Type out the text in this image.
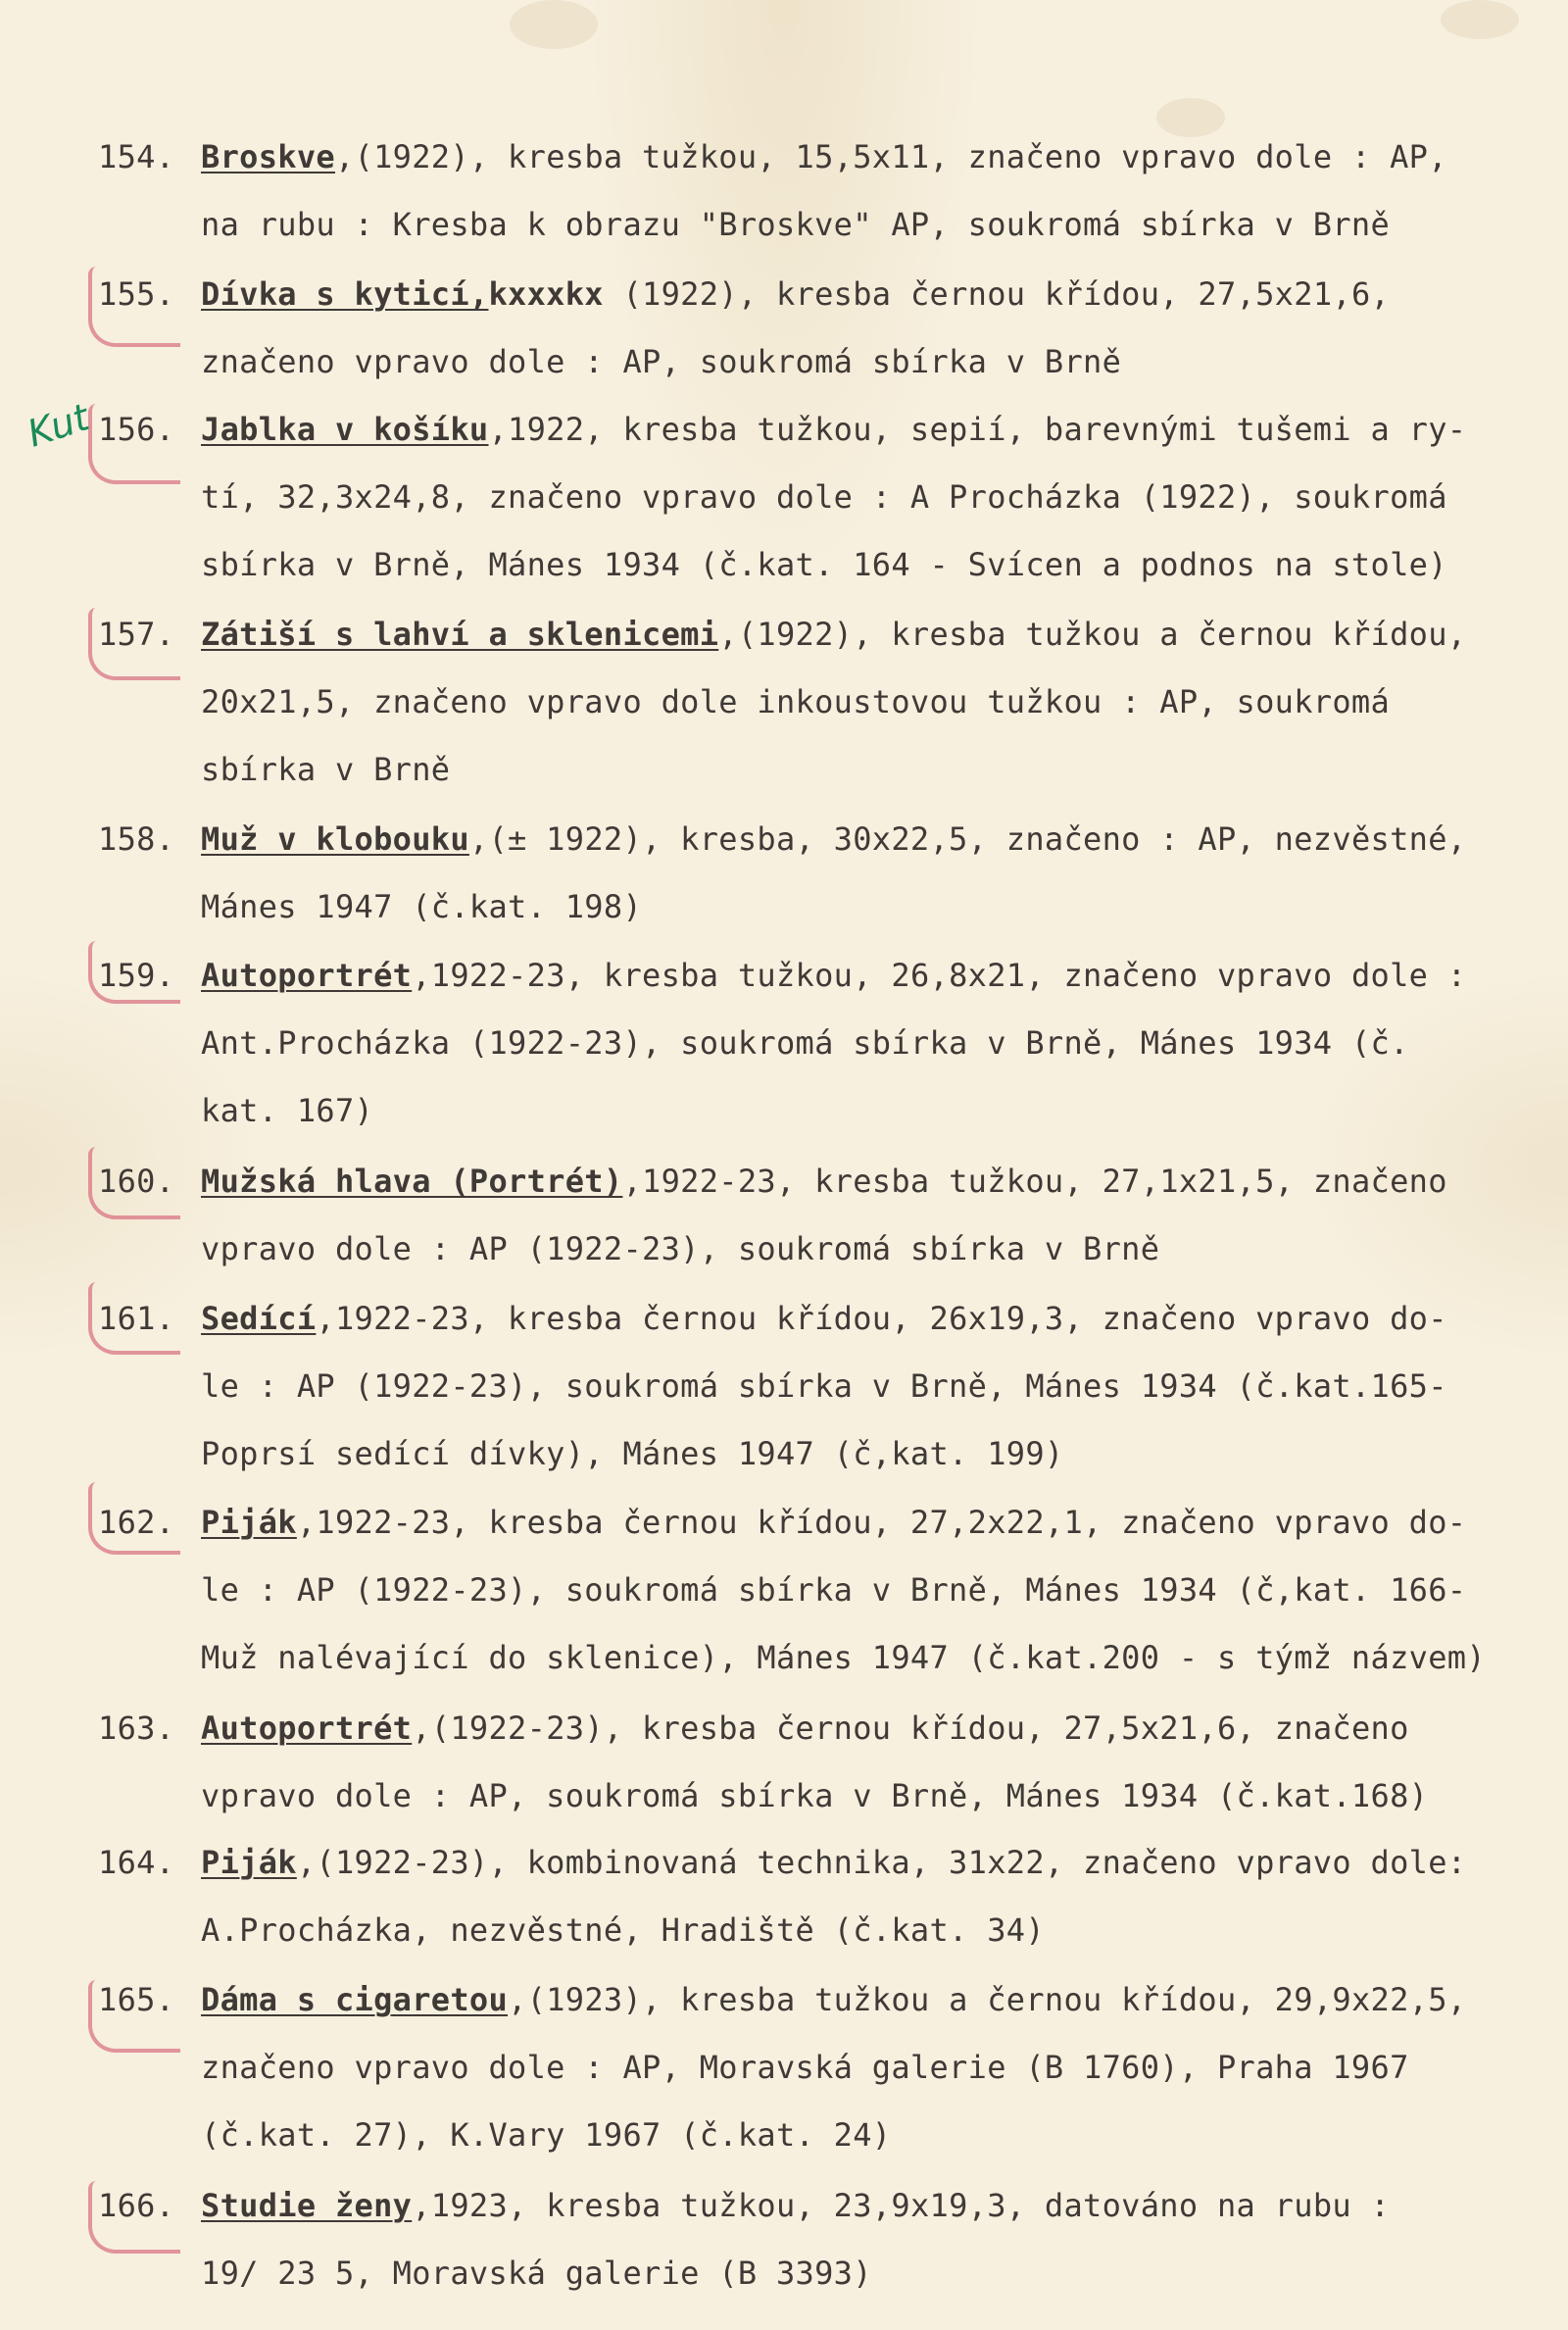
Kut
154. Broskve,(1922), kresba tužkou, 15,5x11, značeno vpravo dole : AP,
na rubu : Kresba k obrazu "Broskve" AP, soukromá sbírka v Brně
155. Dívka s kyticí,kxxxkx (1922), kresba černou křídou, 27,5x21,6,
značeno vpravo dole : AP, soukromá sbírka v Brně
156. Jablka v košíku,1922, kresba tužkou, sepií, barevnými tušemi a ry-
tí, 32,3x24,8, značeno vpravo dole : A Procházka (1922), soukromá
sbírka v Brně, Mánes 1934 (č.kat. 164 - Svícen a podnos na stole)
157. Zátiší s lahví a sklenicemi,(1922), kresba tužkou a černou křídou,
20x21,5, značeno vpravo dole inkoustovou tužkou : AP, soukromá
sbírka v Brně
158. Muž v klobouku,(± 1922), kresba, 30x22,5, značeno : AP, nezvěstné,
Mánes 1947 (č.kat. 198)
159. Autoportrét,1922-23, kresba tužkou, 26,8x21, značeno vpravo dole :
Ant.Procházka (1922-23), soukromá sbírka v Brně, Mánes 1934 (č.
kat. 167)
160. Mužská hlava (Portrét),1922-23, kresba tužkou, 27,1x21,5, značeno
vpravo dole : AP (1922-23), soukromá sbírka v Brně
161. Sedící,1922-23, kresba černou křídou, 26x19,3, značeno vpravo do-
le : AP (1922-23), soukromá sbírka v Brně, Mánes 1934 (č.kat.165-
Poprsí sedící dívky), Mánes 1947 (č,kat. 199)
162. Piják,1922-23, kresba černou křídou, 27,2x22,1, značeno vpravo do-
le : AP (1922-23), soukromá sbírka v Brně, Mánes 1934 (č,kat. 166-
Muž nalévající do sklenice), Mánes 1947 (č.kat.200 - s týmž názvem)
163. Autoportrét,(1922-23), kresba černou křídou, 27,5x21,6, značeno
vpravo dole : AP, soukromá sbírka v Brně, Mánes 1934 (č.kat.168)
164. Piják,(1922-23), kombinovaná technika, 31x22, značeno vpravo dole:
A.Procházka, nezvěstné, Hradiště (č.kat. 34)
165. Dáma s cigaretou,(1923), kresba tužkou a černou křídou, 29,9x22,5,
značeno vpravo dole : AP, Moravská galerie (B 1760), Praha 1967
(č.kat. 27), K.Vary 1967 (č.kat. 24)
166. Studie ženy,1923, kresba tužkou, 23,9x19,3, datováno na rubu :
19/ 23 5, Moravská galerie (B 3393)
